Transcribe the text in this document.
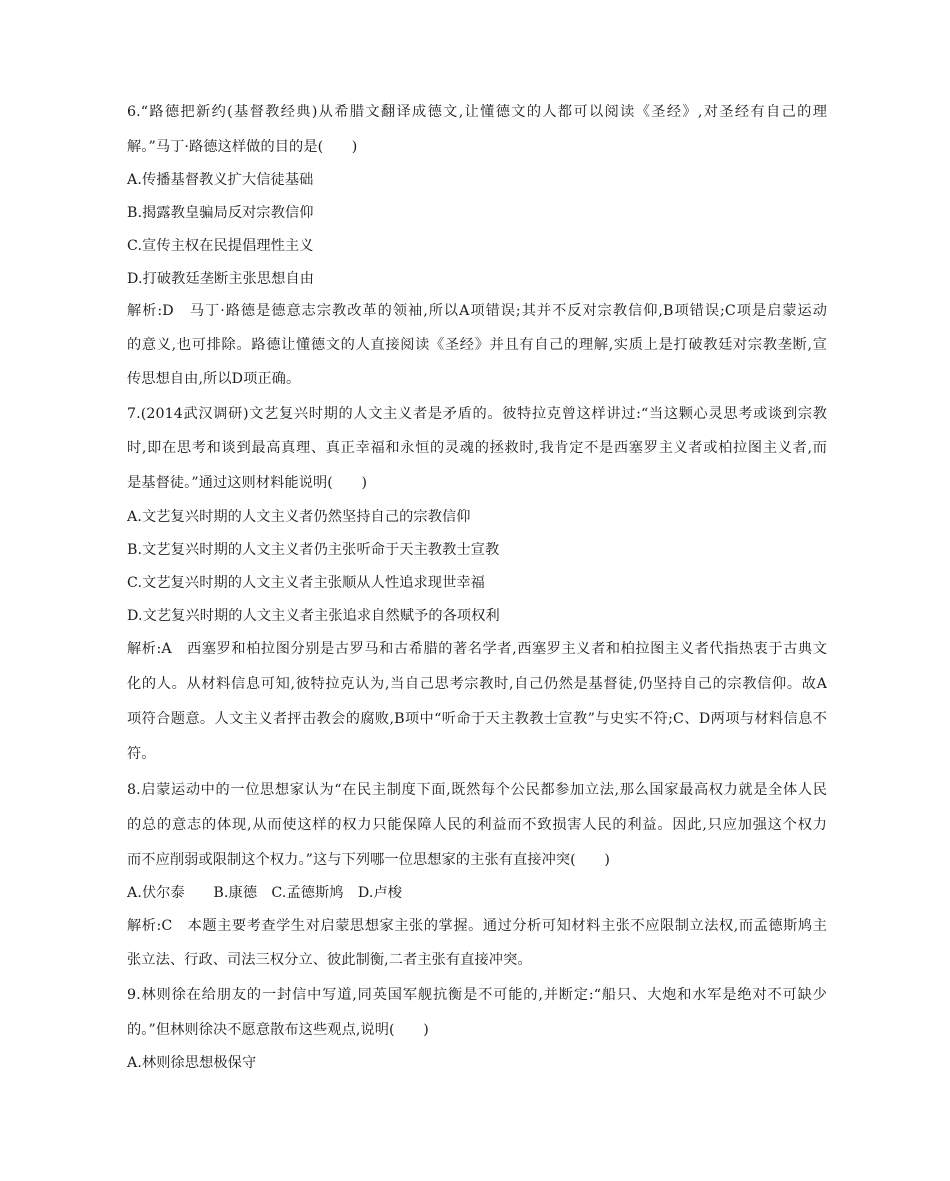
6.“路德把新约(基督教经典)从希腊文翻译成德文,让懂德文的人都可以阅读《圣经》,对圣经有自己的理
解。”马丁·路德这样做的目的是(　　)
A.传播基督教义扩大信徒基础
B.揭露教皇骗局反对宗教信仰
C.宣传主权在民提倡理性主义
D.打破教廷垄断主张思想自由
解析:D　马丁·路德是德意志宗教改革的领袖,所以A项错误;其并不反对宗教信仰,B项错误;C项是启蒙运动
的意义,也可排除。路德让懂德文的人直接阅读《圣经》并且有自己的理解,实质上是打破教廷对宗教垄断,宣
传思想自由,所以D项正确。
7.(2014武汉调研)文艺复兴时期的人文主义者是矛盾的。彼特拉克曾这样讲过:“当这颗心灵思考或谈到宗教
时,即在思考和谈到最高真理、真正幸福和永恒的灵魂的拯救时,我肯定不是西塞罗主义者或柏拉图主义者,而
是基督徒。”通过这则材料能说明(　　)
A.文艺复兴时期的人文主义者仍然坚持自己的宗教信仰
B.文艺复兴时期的人文主义者仍主张听命于天主教教士宣教
C.文艺复兴时期的人文主义者主张顺从人性追求现世幸福
D.文艺复兴时期的人文主义者主张追求自然赋予的各项权利
解析:A　西塞罗和柏拉图分别是古罗马和古希腊的著名学者,西塞罗主义者和柏拉图主义者代指热衷于古典文
化的人。从材料信息可知,彼特拉克认为,当自己思考宗教时,自己仍然是基督徒,仍坚持自己的宗教信仰。故A
项符合题意。人文主义者抨击教会的腐败,B项中“听命于天主教教士宣教”与史实不符;C、D两项与材料信息不
符。
8.启蒙运动中的一位思想家认为“在民主制度下面,既然每个公民都参加立法,那么国家最高权力就是全体人民
的总的意志的体现,从而使这样的权力只能保障人民的利益而不致损害人民的利益。因此,只应加强这个权力
而不应削弱或限制这个权力。”这与下列哪一位思想家的主张有直接冲突(　　)
A.伏尔泰　　B.康德　C.孟德斯鸠　D.卢梭
解析:C　本题主要考查学生对启蒙思想家主张的掌握。通过分析可知材料主张不应限制立法权,而孟德斯鸠主
张立法、行政、司法三权分立、彼此制衡,二者主张有直接冲突。
9.林则徐在给朋友的一封信中写道,同英国军舰抗衡是不可能的,并断定:“船只、大炮和水军是绝对不可缺少
的。”但林则徐决不愿意散布这些观点,说明(　　)
A.林则徐思想极保守
